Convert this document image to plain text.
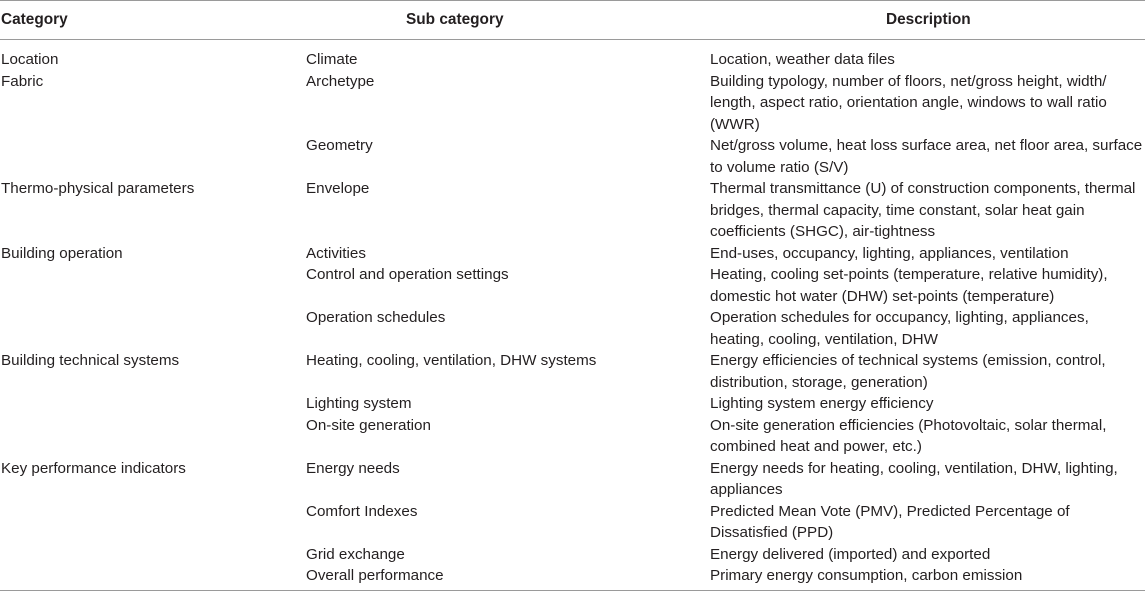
Category	Sub category	Description
Location	Climate	Location, weather data files
Fabric	Archetype	Building typology, number of floors, net/gross height, width/ length, aspect ratio, orientation angle, windows to wall ratio (WWR)
	Geometry	Net/gross volume, heat loss surface area, net floor area, surface to volume ratio (S/V)
Thermo-physical parameters	Envelope	Thermal transmittance (U) of construction components, thermal bridges, thermal capacity, time constant, solar heat gain coefficients (SHGC), air-tightness
Building operation	Activities	End-uses, occupancy, lighting, appliances, ventilation
	Control and operation settings	Heating, cooling set-points (temperature, relative humidity), domestic hot water (DHW) set-points (temperature)
	Operation schedules	Operation schedules for occupancy, lighting, appliances, heating, cooling, ventilation, DHW
Building technical systems	Heating, cooling, ventilation, DHW systems	Energy efficiencies of technical systems (emission, control, distribution, storage, generation)
	Lighting system	Lighting system energy efficiency
	On-site generation	On-site generation efficiencies (Photovoltaic, solar thermal, combined heat and power, etc.)
Key performance indicators	Energy needs	Energy needs for heating, cooling, ventilation, DHW, lighting, appliances
	Comfort Indexes	Predicted Mean Vote (PMV), Predicted Percentage of Dissatisfied (PPD)
	Grid exchange	Energy delivered (imported) and exported
	Overall performance	Primary energy consumption, carbon emission
